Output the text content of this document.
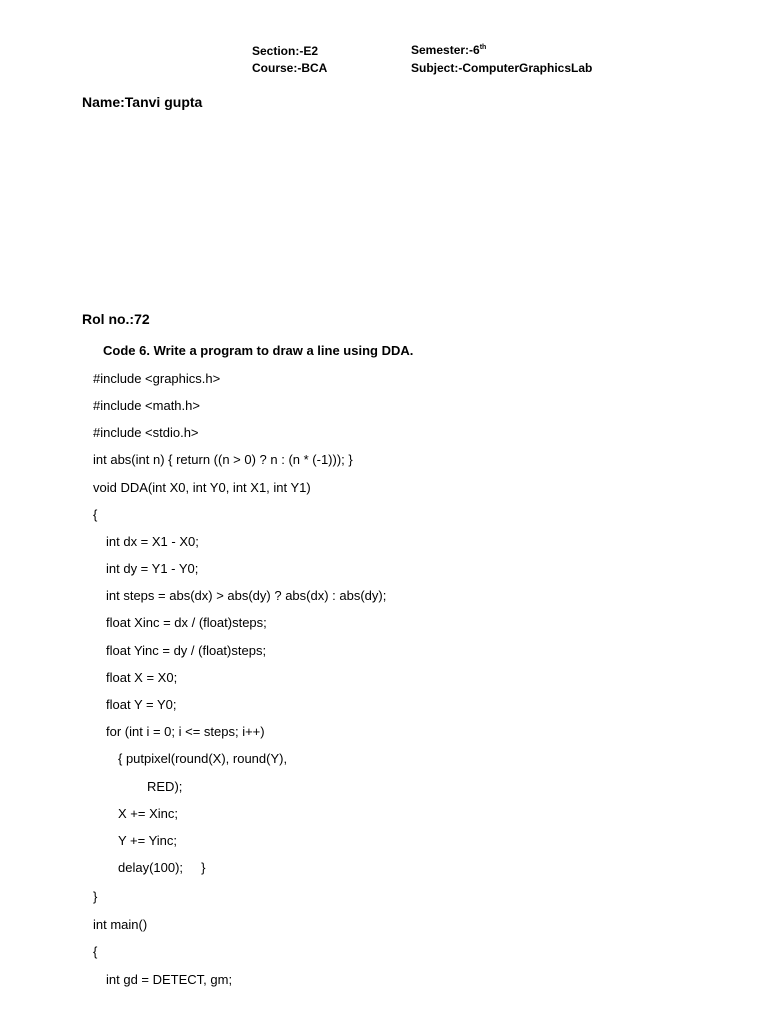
Section:-E2
Course:-BCA
Semester:-6th
Subject:-ComputerGraphicsLab
Name:Tanvi gupta
Rol no.:72
Code 6. Write a program to draw a line using DDA.
#include <graphics.h>
#include <math.h>
#include <stdio.h>
int abs(int n) { return ((n > 0) ? n : (n * (-1))); }
void DDA(int X0, int Y0, int X1, int Y1)
{
int dx = X1 - X0;
int dy = Y1 - Y0;
int steps = abs(dx) > abs(dy) ? abs(dx) : abs(dy);
float Xinc = dx / (float)steps;
float Yinc = dy / (float)steps;
float X = X0;
float Y = Y0;
for (int i = 0; i <= steps; i++)
{ putpixel(round(X), round(Y),
RED);
X += Xinc;
Y += Yinc;
delay(100);     }
}
int main()
{
int gd = DETECT, gm;
